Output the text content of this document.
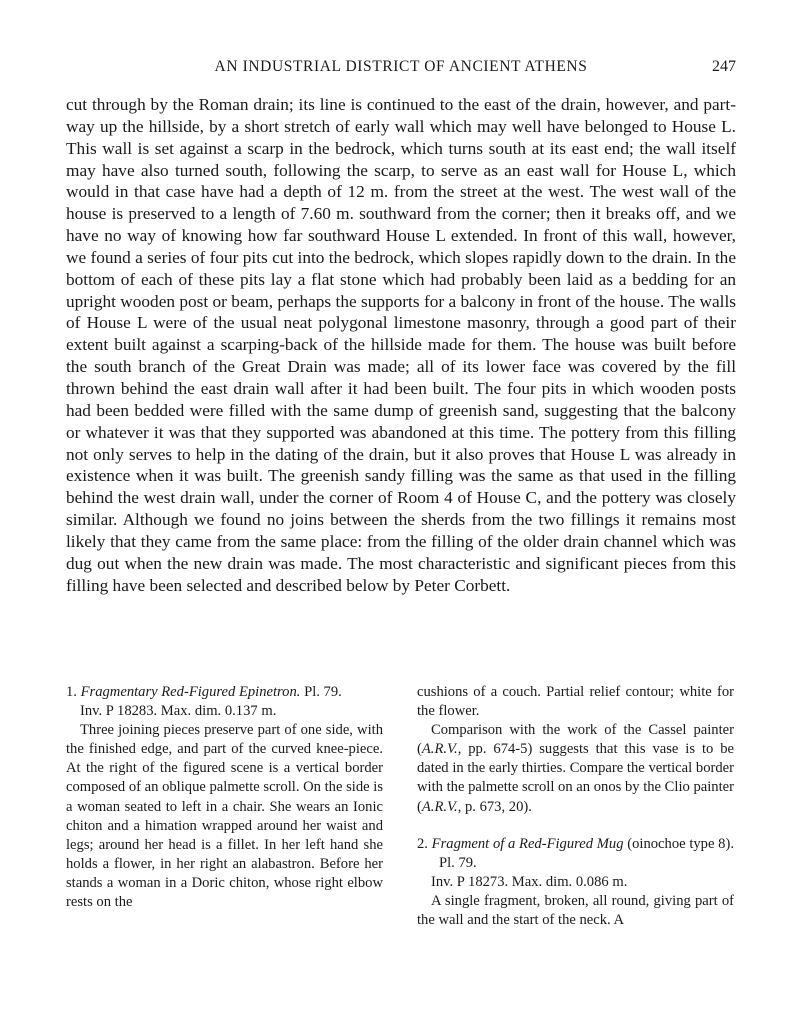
AN INDUSTRIAL DISTRICT OF ANCIENT ATHENS	247

cut through by the Roman drain; its line is continued to the east of the drain, however, and part-way up the hillside, by a short stretch of early wall which may well have belonged to House L. This wall is set against a scarp in the bedrock, which turns south at its east end; the wall itself may have also turned south, following the scarp, to serve as an east wall for House L, which would in that case have had a depth of 12 m. from the street at the west. The west wall of the house is preserved to a length of 7.60 m. southward from the corner; then it breaks off, and we have no way of knowing how far southward House L extended. In front of this wall, however, we found a series of four pits cut into the bedrock, which slopes rapidly down to the drain. In the bottom of each of these pits lay a flat stone which had probably been laid as a bedding for an upright wooden post or beam, perhaps the supports for a balcony in front of the house. The walls of House L were of the usual neat polygonal limestone masonry, through a good part of their extent built against a scarping-back of the hillside made for them. The house was built before the south branch of the Great Drain was made; all of its lower face was covered by the fill thrown behind the east drain wall after it had been built. The four pits in which wooden posts had been bedded were filled with the same dump of greenish sand, suggesting that the balcony or whatever it was that they supported was abandoned at this time. The pottery from this filling not only serves to help in the dating of the drain, but it also proves that House L was already in existence when it was built. The greenish sandy filling was the same as that used in the filling behind the west drain wall, under the corner of Room 4 of House C, and the pottery was closely similar. Although we found no joins between the sherds from the two fillings it remains most likely that they came from the same place: from the filling of the older drain channel which was dug out when the new drain was made. The most characteristic and significant pieces from this filling have been selected and described below by Peter Corbett.

1. Fragmentary Red-Figured Epinetron. Pl. 79.

Inv. P 18283. Max. dim. 0.137 m.

Three joining pieces preserve part of one side, with the finished edge, and part of the curved knee-piece. At the right of the figured scene is a vertical border composed of an oblique palmette scroll. On the side is a woman seated to left in a chair. She wears an Ionic chiton and a himation wrapped around her waist and legs; around her head is a fillet. In her left hand she holds a flower, in her right an alabastron. Before her stands a woman in a Doric chiton, whose right elbow rests on the

cushions of a couch. Partial relief contour; white for the flower.

Comparison with the work of the Cassel painter (A.R.V., pp. 674-5) suggests that this vase is to be dated in the early thirties. Compare the vertical border with the palmette scroll on an onos by the Clio painter (A.R.V., p. 673, 20).

2. Fragment of a Red-Figured Mug (oinochoe type 8). Pl. 79.

Inv. P 18273. Max. dim. 0.086 m.

A single fragment, broken, all round, giving part of the wall and the start of the neck. A
